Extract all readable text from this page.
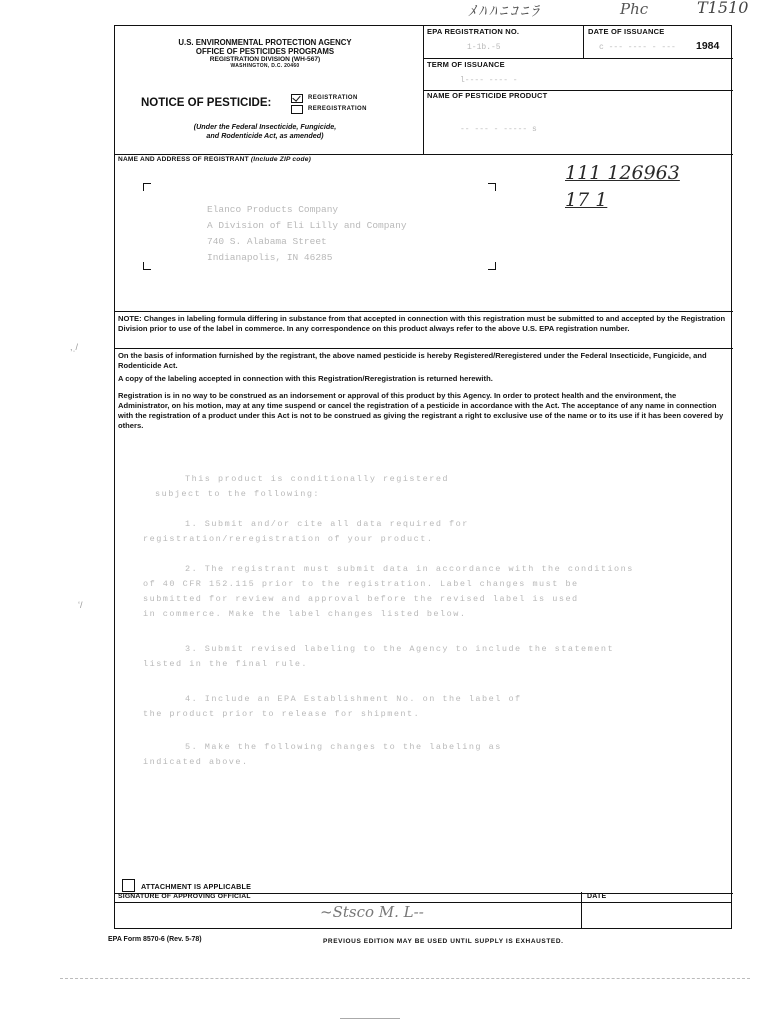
ﾒﾊﾊﾆｺﾆﾗ	Phc	T1510
,ˌ/
ʻ/
U.S. ENVIRONMENTAL PROTECTION AGENCY
OFFICE OF PESTICIDES PROGRAMS
REGISTRATION DIVISION (WH-567)
WASHINGTON, D.C. 20460
NOTICE OF PESTICIDE:	REGISTRATION
REREGISTRATION
(Under the Federal Insecticide, Fungicide,
and Rodenticide Act, as amended)
EPA REGISTRATION NO.
1-1b.-5
DATE OF ISSUANCE
c --- ---- - --- 1984
TERM OF ISSUANCE
l---- ---- -
NAME OF PESTICIDE PRODUCT
-- --- - ----- s
NAME AND ADDRESS OF REGISTRANT (Include ZIP code)
Elanco Products Company
A Division of Eli Lilly and Company
740 S. Alabama Street
Indianapolis, IN 46285
111 126963
17 1
NOTE: Changes in labeling formula differing in substance from that accepted in connection with this registration must be submitted to and accepted by the Registration Division prior to use of the label in commerce. In any correspondence on this product always refer to the above U.S. EPA registration number.
On the basis of information furnished by the registrant, the above named pesticide is hereby Registered/Reregistered under the Federal Insecticide, Fungicide, and Rodenticide Act.
A copy of the labeling accepted in connection with this Registration/Reregistration is returned herewith.
Registration is in no way to be construed as an indorsement or approval of this product by this Agency. In order to protect health and the environment, the Administrator, on his motion, may at any time suspend or cancel the registration of a pesticide in accordance with the Act. The acceptance of any name in connection with the registration of a product under this Act is not to be construed as giving the registrant a right to exclusive use of the name or to its use if it has been covered by others.
This product is conditionally registered
subject to the following:
1. Submit and/or cite all data required for
registration/reregistration of your product.
2. The registrant must submit data in accordance with the conditions
of 40 CFR 152.115 prior to the registration. Label changes must be
submitted for review and approval before the revised label is used
in commerce. Make the label changes listed below.
3. Submit revised labeling to the Agency to include the statement
listed in the final rule.
4. Include an EPA Establishment No. on the label of
the product prior to release for shipment.
5. Make the following changes to the labeling as
indicated above.
ATTACHMENT IS APPLICABLE
SIGNATURE OF APPROVING OFFICIAL
~Stsco M. L--
DATE
EPA Form 8570-6 (Rev. 5-78)	PREVIOUS EDITION MAY BE USED UNTIL SUPPLY IS EXHAUSTED.
